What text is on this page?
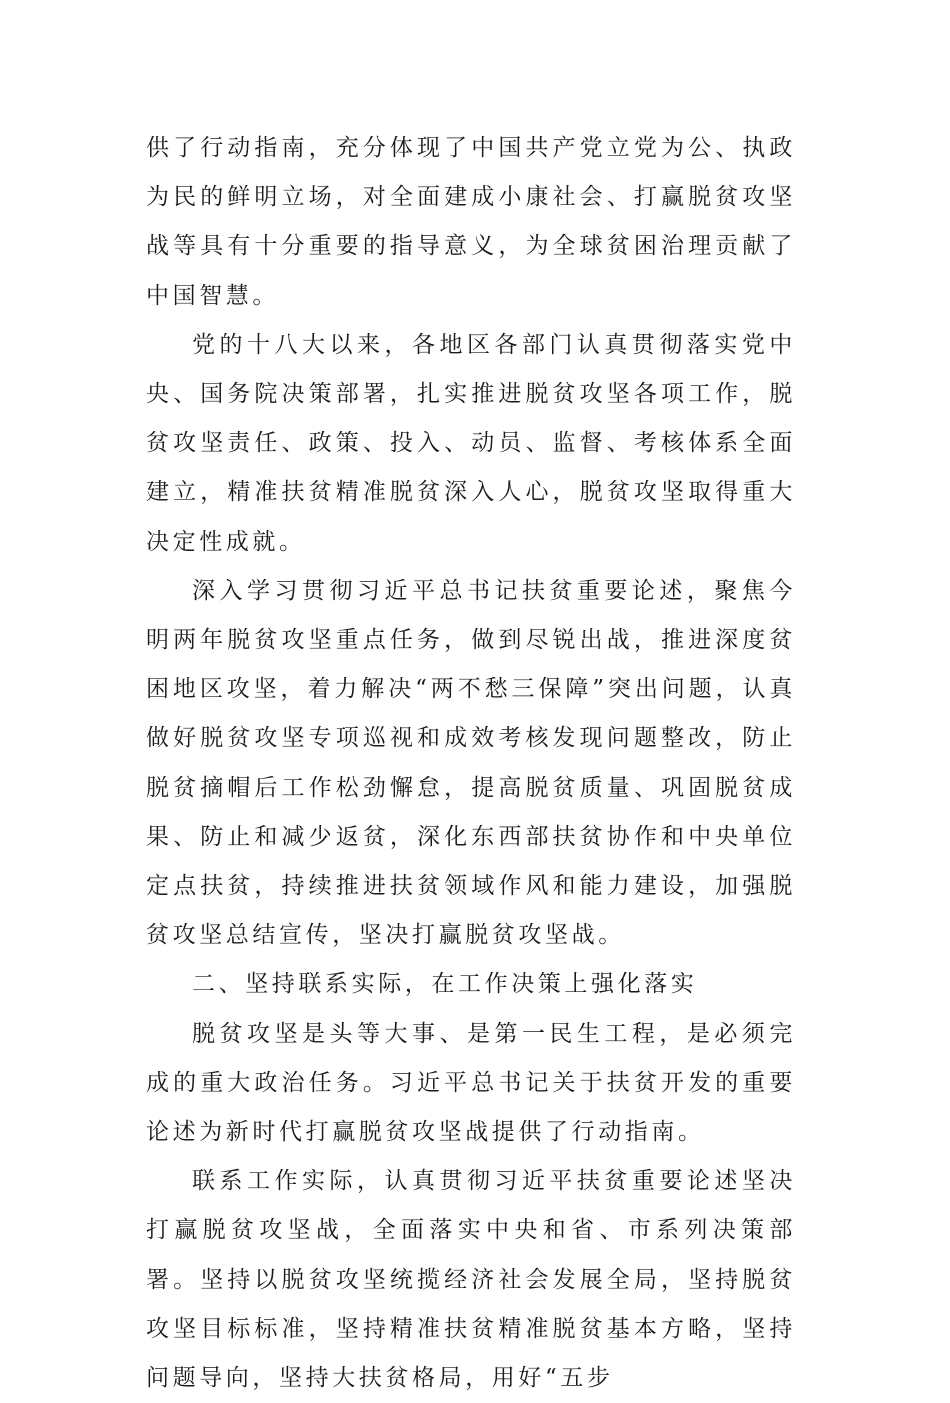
供了行动指南，充分体现了中国共产党立党为公、执政为民的鲜明立场，对全面建成小康社会、打赢脱贫攻坚战等具有十分重要的指导意义，为全球贫困治理贡献了中国智慧。

党的十八大以来，各地区各部门认真贯彻落实党中央、国务院决策部署，扎实推进脱贫攻坚各项工作，脱贫攻坚责任、政策、投入、动员、监督、考核体系全面建立，精准扶贫精准脱贫深入人心，脱贫攻坚取得重大决定性成就。

深入学习贯彻习近平总书记扶贫重要论述，聚焦今明两年脱贫攻坚重点任务，做到尽锐出战，推进深度贫困地区攻坚，着力解决“两不愁三保障”突出问题，认真做好脱贫攻坚专项巡视和成效考核发现问题整改，防止脱贫摘帽后工作松劲懈怠，提高脱贫质量、巩固脱贫成果、防止和减少返贫，深化东西部扶贫协作和中央单位定点扶贫，持续推进扶贫领域作风和能力建设，加强脱贫攻坚总结宣传，坚决打赢脱贫攻坚战。

二、坚持联系实际，在工作决策上强化落实

脱贫攻坚是头等大事、是第一民生工程，是必须完成的重大政治任务。习近平总书记关于扶贫开发的重要论述为新时代打赢脱贫攻坚战提供了行动指南。

联系工作实际，认真贯彻习近平扶贫重要论述坚决打赢脱贫攻坚战，全面落实中央和省、市系列决策部署。坚持以脱贫攻坚统揽经济社会发展全局，坚持脱贫攻坚目标标准，坚持精准扶贫精准脱贫基本方略，坚持问题导向，坚持大扶贫格局，用好“五步
